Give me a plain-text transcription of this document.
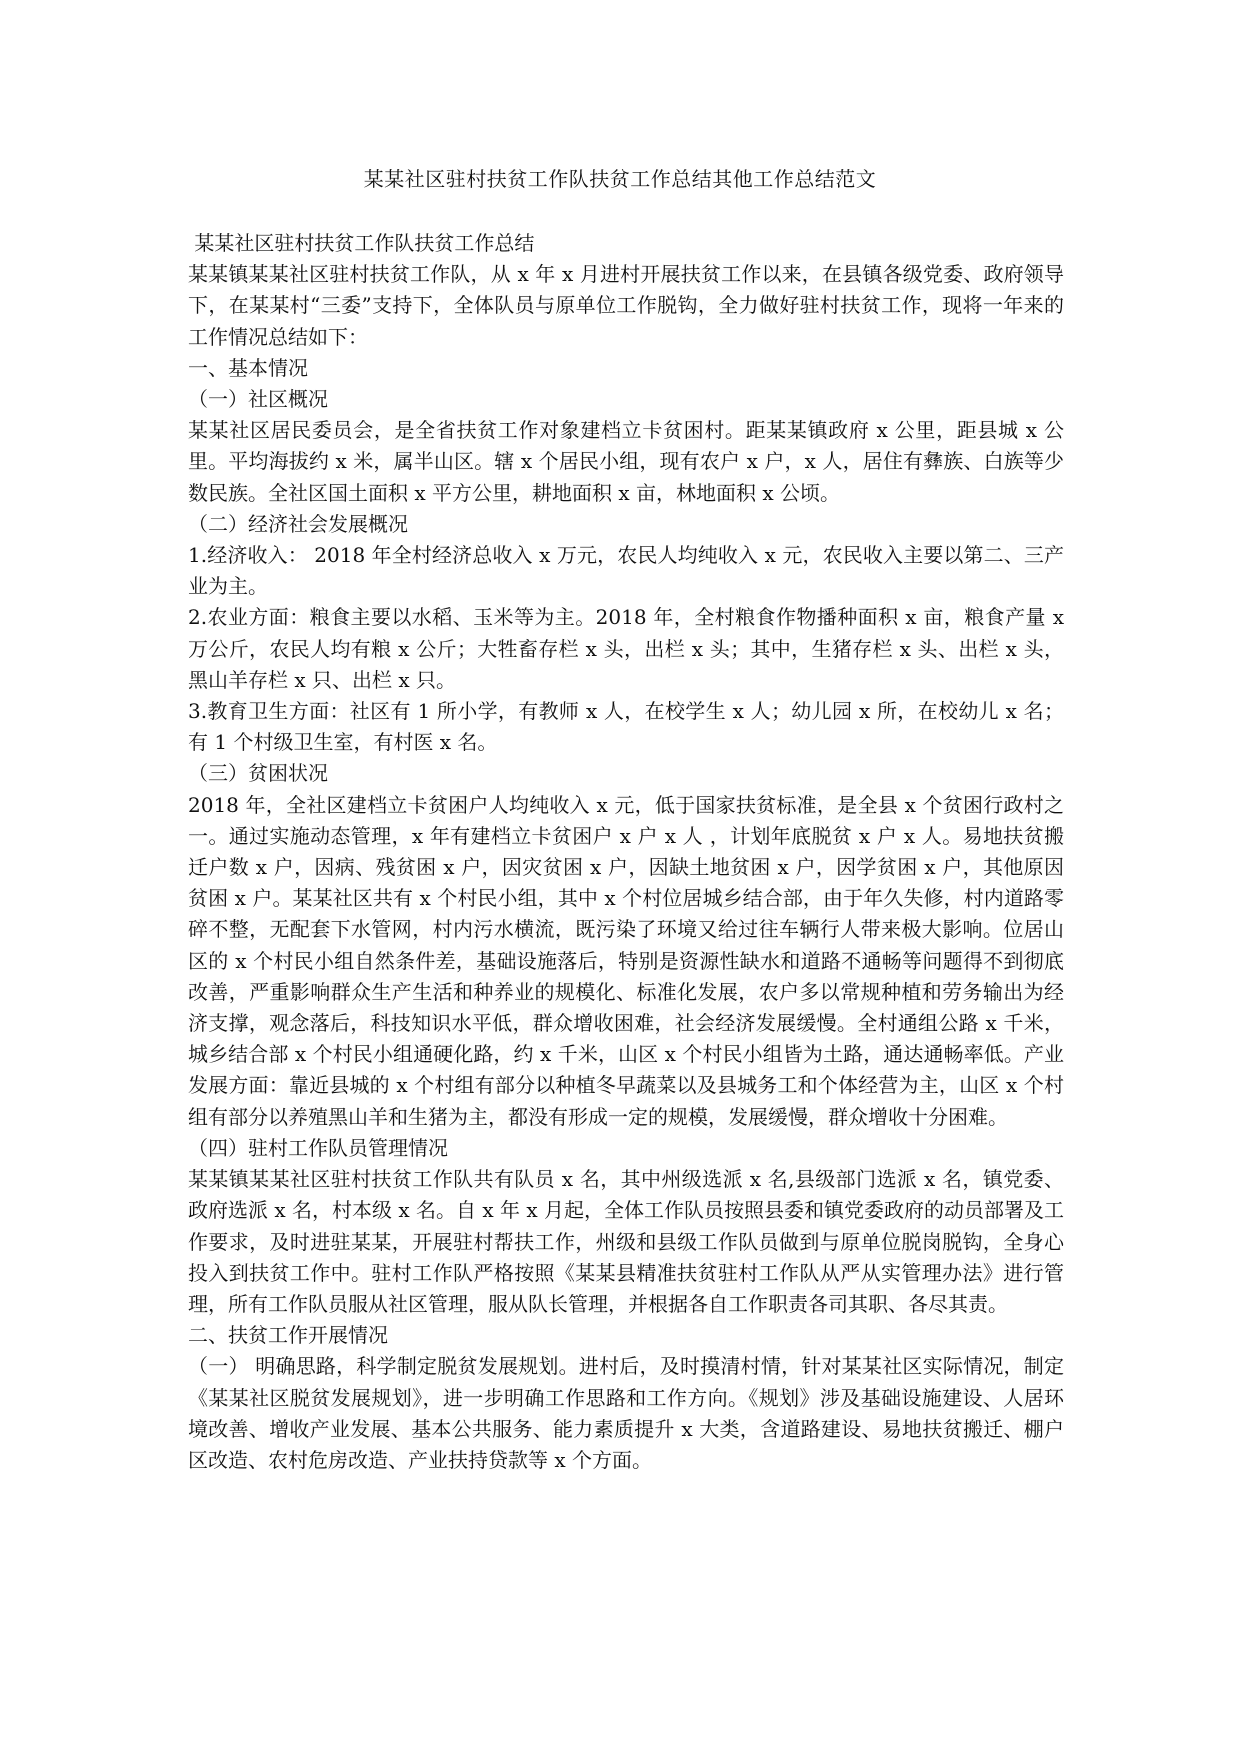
某某社区驻村扶贫工作队扶贫工作总结其他工作总结范文

某某社区驻村扶贫工作队扶贫工作总结

某某镇某某社区驻村扶贫工作队，从 x 年 x 月进村开展扶贫工作以来，在县镇各级党委、政府领导下，在某某村“三委”支持下，全体队员与原单位工作脱钩，全力做好驻村扶贫工作，现将一年来的工作情况总结如下：

一、基本情况

（一）社区概况

某某社区居民委员会，是全省扶贫工作对象建档立卡贫困村。距某某镇政府 x 公里，距县城 x 公里。平均海拔约 x 米，属半山区。辖 x 个居民小组，现有农户 x 户，x 人，居住有彝族、白族等少数民族。全社区国土面积 x 平方公里，耕地面积 x 亩，林地面积 x 公顷。

（二）经济社会发展概况

1.经济收入： 2018 年全村经济总收入 x 万元，农民人均纯收入 x 元，农民收入主要以第二、三产业为主。

2.农业方面：粮食主要以水稻、玉米等为主。2018 年，全村粮食作物播种面积 x 亩，粮食产量 x 万公斤，农民人均有粮 x 公斤；大牲畜存栏 x 头，出栏 x 头；其中，生猪存栏 x 头、出栏 x 头，黑山羊存栏 x 只、出栏 x 只。

3.教育卫生方面：社区有 1 所小学，有教师 x 人，在校学生 x 人；幼儿园 x 所，在校幼儿 x 名；有 1 个村级卫生室，有村医 x 名。

（三）贫困状况

2018 年，全社区建档立卡贫困户人均纯收入 x 元，低于国家扶贫标准，是全县 x 个贫困行政村之一。通过实施动态管理，x 年有建档立卡贫困户 x 户 x 人 ，计划年底脱贫 x 户 x 人。易地扶贫搬迁户数 x 户，因病、残贫困 x 户，因灾贫困 x 户，因缺土地贫困 x 户，因学贫困 x 户，其他原因贫困 x 户。某某社区共有 x 个村民小组，其中 x 个村位居城乡结合部，由于年久失修，村内道路零碎不整，无配套下水管网，村内污水横流，既污染了环境又给过往车辆行人带来极大影响。位居山区的 x 个村民小组自然条件差，基础设施落后，特别是资源性缺水和道路不通畅等问题得不到彻底改善，严重影响群众生产生活和种养业的规模化、标准化发展，农户多以常规种植和劳务输出为经济支撑，观念落后，科技知识水平低，群众增收困难，社会经济发展缓慢。全村通组公路 x 千米，城乡结合部 x 个村民小组通硬化路，约 x 千米，山区 x 个村民小组皆为土路，通达通畅率低。产业发展方面：靠近县城的 x 个村组有部分以种植冬早蔬菜以及县城务工和个体经营为主，山区 x 个村组有部分以养殖黑山羊和生猪为主，都没有形成一定的规模，发展缓慢，群众增收十分困难。

（四）驻村工作队员管理情况

某某镇某某社区驻村扶贫工作队共有队员 x 名，其中州级选派 x 名,县级部门选派 x 名，镇党委、政府选派 x 名，村本级 x 名。自 x 年 x 月起，全体工作队员按照县委和镇党委政府的动员部署及工作要求，及时进驻某某，开展驻村帮扶工作，州级和县级工作队员做到与原单位脱岗脱钩，全身心投入到扶贫工作中。驻村工作队严格按照《某某县精准扶贫驻村工作队从严从实管理办法》进行管理，所有工作队员服从社区管理，服从队长管理，并根据各自工作职责各司其职、各尽其责。

二、扶贫工作开展情况

（一） 明确思路，科学制定脱贫发展规划。进村后，及时摸清村情，针对某某社区实际情况，制定《某某社区脱贫发展规划》，进一步明确工作思路和工作方向。《规划》涉及基础设施建设、人居环境改善、增收产业发展、基本公共服务、能力素质提升 x 大类，含道路建设、易地扶贫搬迁、棚户区改造、农村危房改造、产业扶持贷款等 x 个方面。
